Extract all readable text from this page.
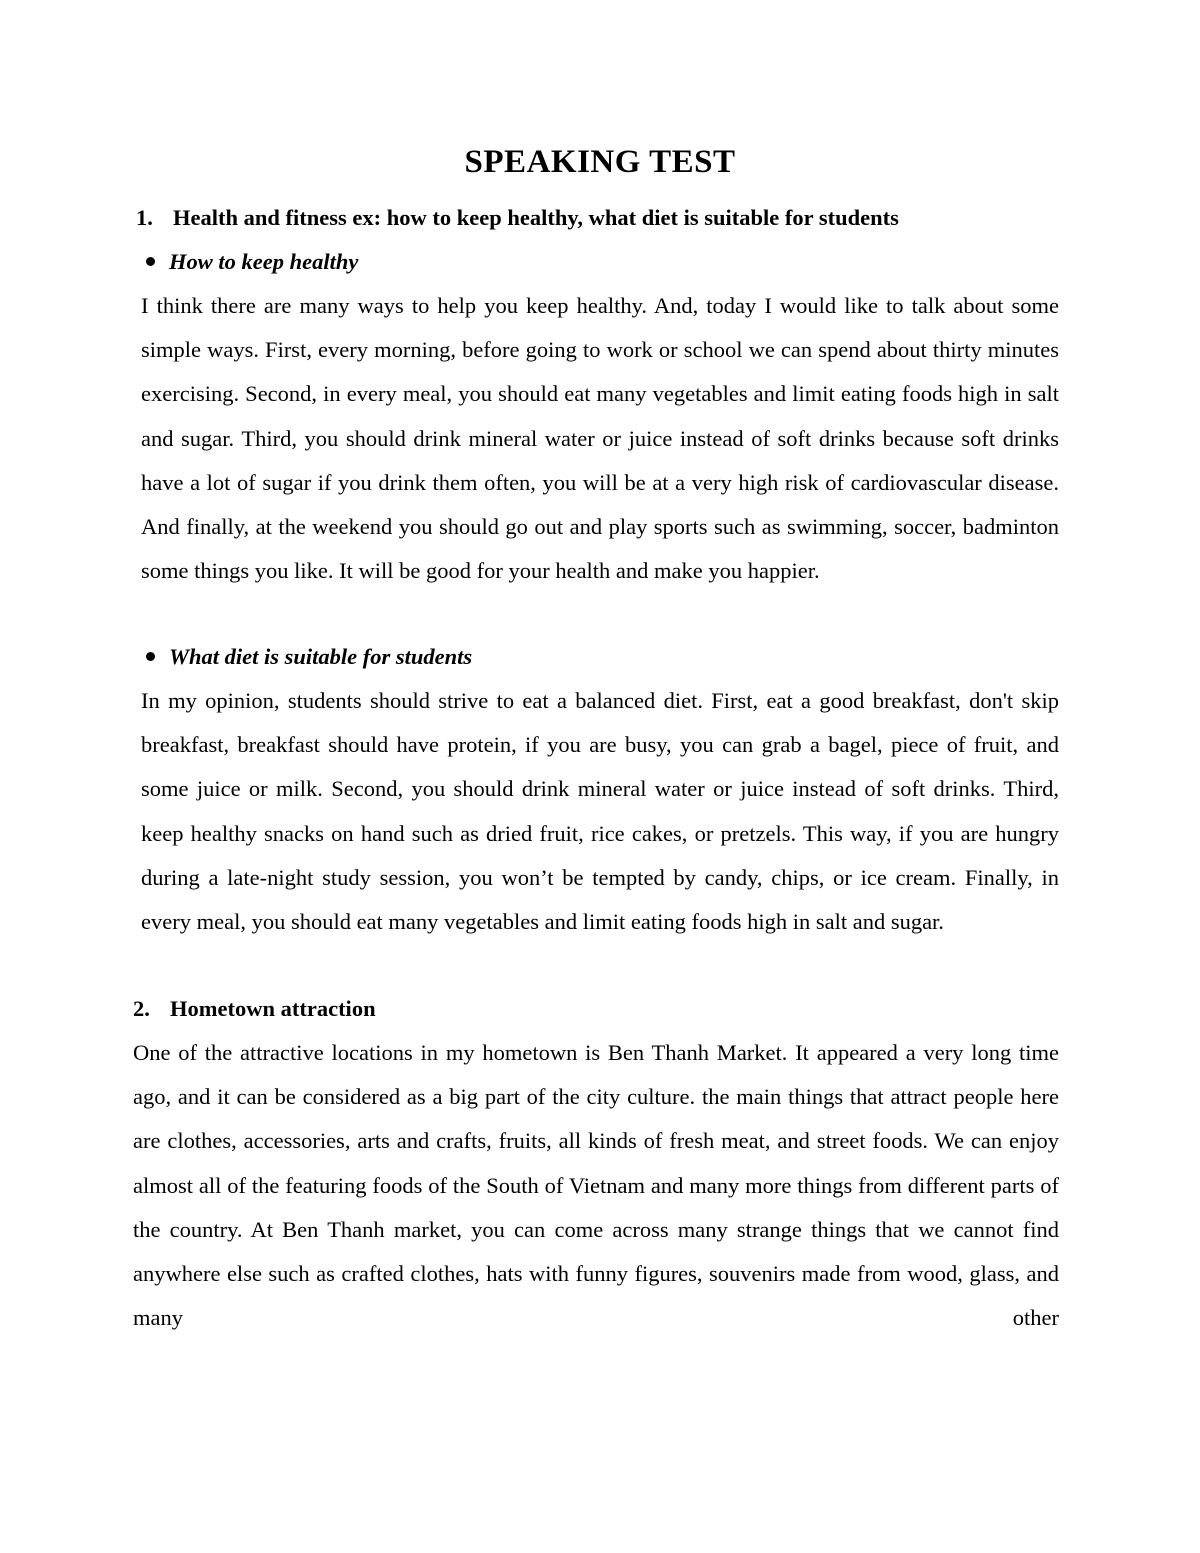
SPEAKING TEST
1. Health and fitness ex: how to keep healthy, what diet is suitable for students
How to keep healthy

I think there are many ways to help you keep healthy. And, today I would like to talk about some simple ways. First, every morning, before going to work or school we can spend about thirty minutes exercising. Second, in every meal, you should eat many vegetables and limit eating foods high in salt and sugar. Third, you should drink mineral water or juice instead of soft drinks because soft drinks have a lot of sugar if you drink them often, you will be at a very high risk of cardiovascular disease. And finally, at the weekend you should go out and play sports such as swimming, soccer, badminton some things you like. It will be good for your health and make you happier.

What diet is suitable for students

In my opinion, students should strive to eat a balanced diet. First, eat a good breakfast, don't skip breakfast, breakfast should have protein, if you are busy, you can grab a bagel, piece of fruit, and some juice or milk. Second, you should drink mineral water or juice instead of soft drinks. Third, keep healthy snacks on hand such as dried fruit, rice cakes, or pretzels. This way, if you are hungry during a late-night study session, you won’t be tempted by candy, chips, or ice cream. Finally, in every meal, you should eat many vegetables and limit eating foods high in salt and sugar.

2. Hometown attraction

One of the attractive locations in my hometown is Ben Thanh Market. It appeared a very long time ago, and it can be considered as a big part of the city culture. the main things that attract people here are clothes, accessories, arts and crafts, fruits, all kinds of fresh meat, and street foods. We can enjoy almost all of the featuring foods of the South of Vietnam and many more things from different parts of the country. At Ben Thanh market, you can come across many strange things that we cannot find anywhere else such as crafted clothes, hats with funny figures, souvenirs made from wood, glass, and many other
